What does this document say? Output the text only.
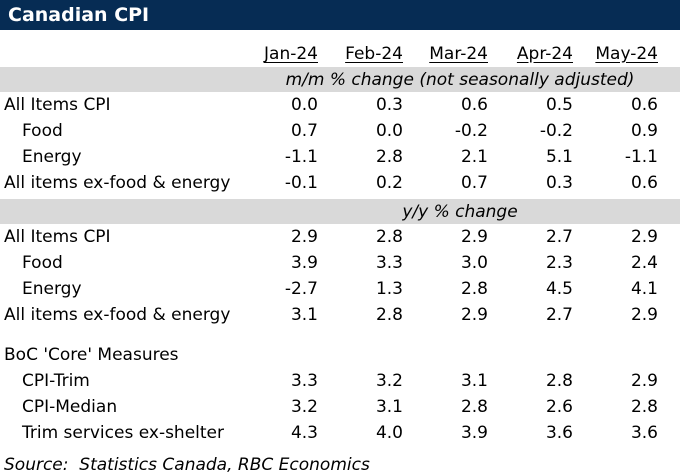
Canadian CPI
Jan-24	Feb-24	Mar-24	Apr-24	May-24
m/m % change (not seasonally adjusted)
All Items CPI	0.0	0.3	0.6	0.5	0.6
Food	0.7	0.0	-0.2	-0.2	0.9
Energy	-1.1	2.8	2.1	5.1	-1.1
All items ex-food & energy	-0.1	0.2	0.7	0.3	0.6
y/y % change
All Items CPI	2.9	2.8	2.9	2.7	2.9
Food	3.9	3.3	3.0	2.3	2.4
Energy	-2.7	1.3	2.8	4.5	4.1
All items ex-food & energy	3.1	2.8	2.9	2.7	2.9
BoC 'Core' Measures
CPI-Trim	3.3	3.2	3.1	2.8	2.9
CPI-Median	3.2	3.1	2.8	2.6	2.8
Trim services ex-shelter	4.3	4.0	3.9	3.6	3.6
Source:  Statistics Canada, RBC Economics
